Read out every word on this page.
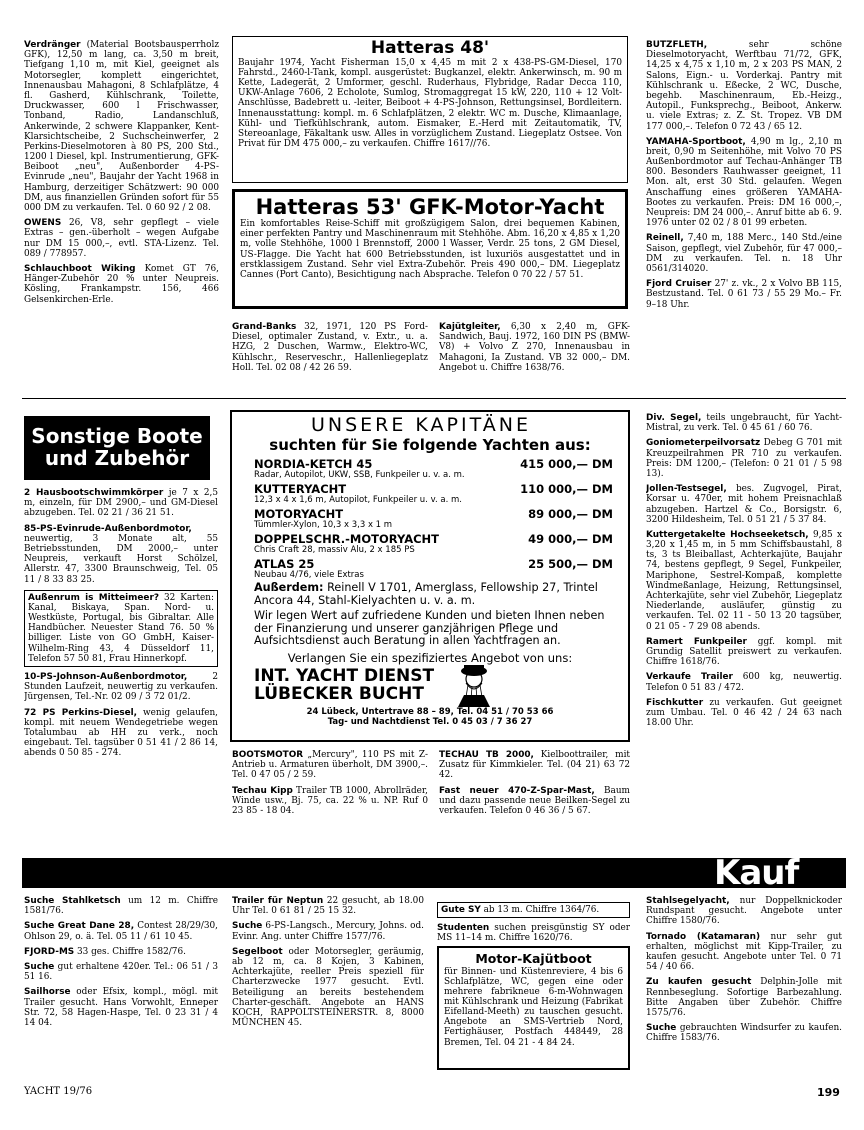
Verdränger (Material Bootsbausperrholz GFK), 12,50 m lang, ca. 3,50 m breit, Tiefgang 1,10 m, mit Kiel, geeignet als Motorsegler, komplett eingerichtet, Innenausbau Mahagoni, 8 Schlafplätze, 4 fl. Gasherd, Kühlschrank, Toilette, Druckwasser, 600 l Frischwasser, Tonband, Radio, Landanschluß, Ankerwinde, 2 schwere Klappanker, Kent-Klarsichtscheibe, 2 Suchscheinwerfer, 2 Perkins-Dieselmotoren à 80 PS, 200 Std., 1200 l Diesel, kpl. Instrumentierung, GFK-Beiboot „neu", Außenborder 4-PS-Evinrude „neu", Baujahr der Yacht 1968 in Hamburg, derzeitiger Schätzwert: 90 000 DM, aus finanziellen Gründen sofort für 55 000 DM zu verkaufen. Tel. 0 60 92 / 2 08.
OWENS 26, V8, sehr gepflegt – viele Extras – gen.-überholt – wegen Aufgabe nur DM 15 000,–, evtl. STA-Lizenz. Tel. 089 / 778957.
Schlauchboot Wiking Komet GT 76, Hänger-Zubehör 20 % unter Neupreis. Kösling, Frankampstr. 156, 466 Gelsenkirchen-Erle.
Hatteras 48'
Baujahr 1974, Yacht Fisherman 15,0 x 4,45 m mit 2 x 438-PS-GM-Diesel, 170 Fahrstd., 2460-l-Tank, kompl. ausgerüstet: Bugkanzel, elektr. Ankerwinsch, m. 90 m Kette, Ladegerät, 2 Umformer, geschl. Ruderhaus, Flybridge, Radar Decca 110, UKW-Anlage 7606, 2 Echolote, Sumlog, Stromaggregat 15 kW, 220, 110 + 12 Volt-Anschlüsse, Badebrett u. -leiter, Beiboot + 4-PS-Johnson, Rettungsinsel, Bordleitern. Innenausstattung: kompl. m. 6 Schlafplätzen, 2 elektr. WC m. Dusche, Klimaanlage, Kühl- und Tiefkühlschrank, autom. Eismaker, E.-Herd mit Zeitautomatik, TV, Stereoanlage, Fäkaltank usw. Alles in vorzüglichem Zustand. Liegeplatz Ostsee. Von Privat für DM 475 000,– zu verkaufen. Chiffre 1617//76.
Hatteras 53' GFK-Motor-Yacht
Ein komfortables Reise-Schiff mit großzügigem Salon, drei bequemen Kabinen, einer perfekten Pantry und Maschinenraum mit Stehhöhe. Abm. 16,20 x 4,85 x 1,20 m, volle Stehhöhe, 1000 l Brennstoff, 2000 l Wasser, Verdr. 25 tons, 2 GM Diesel, US-Flagge. Die Yacht hat 600 Betriebsstunden, ist luxuriös ausgestattet und in erstklassigem Zustand. Sehr viel Extra-Zubehör. Preis 490 000,– DM. Liegeplatz Cannes (Port Canto), Besichtigung nach Absprache. Telefon 0 70 22 / 57 51.
Grand-Banks 32, 1971, 120 PS Ford-Diesel, optimaler Zustand, v. Extr., u. a. HZG, 2 Duschen, Warmw., Elektro-WC, Kühlschr., Reserveschr., Hallenliegeplatz Holl. Tel. 02 08 / 42 26 59.
Kajütgleiter, 6,30 x 2,40 m, GFK-Sandwich, Bauj. 1972, 160 DIN PS (BMW-V8) + Volvo Z 270, Innenausbau in Mahagoni, Ia Zustand. VB 32 000,– DM. Angebot u. Chiffre 1638/76.
BÜTZFLETH, sehr schöne Dieselmotoryacht, Werftbau 71/72, GFK, 14,25 x 4,75 x 1,10 m, 2 x 203 PS MAN, 2 Salons, Eign.- u. Vorderkaj. Pantry mit Kühlschrank u. Eßecke, 2 WC, Dusche, begehb. Maschinenraum, Eb.-Heizg., Autopil., Funksprechg., Beiboot, Ankerw. u. viele Extras; z. Z. St. Tropez. VB DM 177 000,–. Telefon 0 72 43 / 65 12.
YAMAHA-Sportboot, 4,90 m lg., 2,10 m breit, 0,90 m Seitenhöhe, mit Volvo 70 PS Außenbordmotor auf Techau-Anhänger TB 800. Besonders Rauhwasser geeignet, 11 Mon. alt, erst 30 Std. gelaufen. Wegen Anschaffung eines größeren YAMAHA-Bootes zu verkaufen. Preis: DM 16 000,–, Neupreis: DM 24 000,–. Anruf bitte ab 6. 9. 1976 unter 02 02 / 8 01 99 erbeten.
Reinell, 7,40 m, 188 Merc., 140 Std./eine Saison, gepflegt, viel Zubehör, für 47 000,– DM zu verkaufen. Tel. n. 18 Uhr 0561/314020.
Fjord Cruiser 27' z. vk., 2 x Volvo BB 115, Bestzustand. Tel. 0 61 73 / 55 29 Mo.– Fr. 9–18 Uhr.
Sonstige Boote und Zubehör
2 Hausbootschwimmkörper je 7 x 2,5 m, einzeln, für DM 2900,– und GM-Diesel abzugeben. Tel. 02 21 / 36 21 51.
85-PS-Evinrude-Außenbordmotor, neuwertig, 3 Monate alt, 55 Betriebsstunden, DM 2000,– unter Neupreis, verkauft Horst Schölzel, Allerstr. 47, 3300 Braunschweig, Tel. 05 11 / 8 33 83 25.
Außenrum is Mitteimeer? 32 Karten: Kanal, Biskaya, Span. Nord- u. Westküste, Portugal, bis Gibraltar. Alle Handbücher. Neuester Stand 76. 50 % billiger. Liste von GO GmbH, Kaiser-Wilhelm-Ring 43, 4 Düsseldorf 11, Telefon 57 50 81, Frau Hinnerkopf.
10-PS-Johnson-Außenbordmotor, 2 Stunden Laufzeit, neuwertig zu verkaufen. Jürgensen, Tel.-Nr. 02 09 / 3 72 01/2.
72 PS Perkins-Diesel, wenig gelaufen, kompl. mit neuem Wendegetriebe wegen Totalumbau ab HH zu verk., noch eingebaut. Tel. tagsüber 0 51 41 / 2 86 14, abends 0 50 85 - 274.
UNSERE KAPITÄNE
suchten für Sie folgende Yachten aus:
NORDIA-KETCH 45	415 000,— DM
Radar, Autopilot, UKW, SSB, Funkpeiler u. v. a. m.
KUTTERYACHT	110 000,— DM
12,3 x 4 x 1,6 m, Autopilot, Funkpeiler u. v. a. m.
MOTORYACHT	89 000,— DM
Tümmler-Xylon, 10,3 x 3,3 x 1 m
DOPPELSCHR.-MOTORYACHT	49 000,— DM
Chris Craft 28, massiv Alu, 2 x 185 PS
ATLAS 25	25 500,— DM
Neubau 4/76, viele Extras
Außerdem: Reinell V 1701, Amerglass, Fellowship 27, Trintel Ancora 44, Stahl-Kielyachten u. v. a. m.
Wir legen Wert auf zufriedene Kunden und bieten Ihnen neben der Finanzierung und unserer ganzjährigen Pflege und Aufsichtsdienst auch Beratung in allen Yachtfragen an.
Verlangen Sie ein spezifiziertes Angebot von uns:
INT. YACHT DIENST
LÜBECKER BUCHT
24 Lübeck, Untertrave 88 – 89, Tel. 04 51 / 70 53 66
Tag- und Nachtdienst Tel. 0 45 03 / 7 36 27
BOOTSMOTOR „Mercury", 110 PS mit Z-Antrieb u. Armaturen überholt, DM 3900,–. Tel. 0 47 05 / 2 59.
Techau Kipp Trailer TB 1000, Abrollräder, Winde usw., Bj. 75, ca. 22 % u. NP. Ruf 0 23 85 - 18 04.
TECHAU TB 2000, Kielboottrailer, mit Zusatz für Kimmkieler. Tel. (04 21) 63 72 42.
Fast neuer 470-Z-Spar-Mast, Baum und dazu passende neue Beilken-Segel zu verkaufen. Telefon 0 46 36 / 5 67.
Div. Segel, teils ungebraucht, für Yacht-Mistral, zu verk. Tel. 0 45 61 / 60 76.
Goniometerpeilvorsatz Debeg G 701 mit Kreuzpeilrahmen PR 710 zu verkaufen. Preis: DM 1200,– (Telefon: 0 21 01 / 5 98 13).
Jollen-Testsegel, bes. Zugvogel, Pirat, Korsar u. 470er, mit hohem Preisnachlaß abzugeben. Hartzel & Co., Borsigstr. 6, 3200 Hildesheim, Tel. 0 51 21 / 5 37 84.
Kuttergetakelte Hochseeketsch, 9,85 x 3,20 x 1,45 m, in 5 mm Schiffsbaustahl, 8 ts, 3 ts Bleiballast, Achterkajüte, Baujahr 74, bestens gepflegt, 9 Segel, Funkpeiler, Mariphone, Sestrel-Kompaß, komplette Windmeßanlage, Heizung, Rettungsinsel, Achterkajüte, sehr viel Zubehör, Liegeplatz Niederlande, ausläufer, günstig zu verkaufen. Tel. 02 11 - 50 13 20 tagsüber, 0 21 05 - 7 29 08 abends.
Ramert Funkpeiler ggf. kompl. mit Grundig Satellit preiswert zu verkaufen. Chiffre 1618/76.
Verkaufe Trailer 600 kg, neuwertig. Telefon 0 51 83 / 472.
Fischkutter zu verkaufen. Gut geeignet zum Umbau. Tel. 0 46 42 / 24 63 nach 18.00 Uhr.
Kauf
Suche Stahlketsch um 12 m. Chiffre 1581/76.
Suche Great Dane 28, Contest 28/29/30, Ohlson 29, o. ä. Tel. 05 11 / 61 10 45.
FJORD-MS 33 ges. Chiffre 1582/76.
Suche gut erhaltene 420er. Tel.: 06 51 / 3 51 16.
Sailhorse oder Efsix, kompl., mögl. mit Trailer gesucht. Hans Vorwohlt, Enneper Str. 72, 58 Hagen-Haspe, Tel. 0 23 31 / 4 14 04.
Trailer für Neptun 22 gesucht, ab 18.00 Uhr Tel. 0 61 81 / 25 15 32.
Suche 6-PS-Langsch., Mercury, Johns. od. Evinr. Ang. unter Chiffre 1577/76.
Segelboot oder Motorsegler, geräumig, ab 12 m, ca. 8 Kojen, 3 Kabinen, Achterkajüte, reeller Preis speziell für Charterzwecke 1977 gesucht. Evtl. Beteiligung an bereits bestehendem Charter-geschäft. Angebote an HANS KOCH, RAPPOLTSTEINERSTR. 8, 8000 MÜNCHEN 45.
Gute SY ab 13 m. Chiffre 1364/76.
Studenten suchen preisgünstig SY oder MS 11–14 m. Chiffre 1620/76.
Motor-Kajütboot
für Binnen- und Küstenreviere, 4 bis 6 Schlafplätze, WC, gegen eine oder mehrere fabrikneue 6-m-Wohnwagen mit Kühlschrank und Heizung (Fabrikat Eifelland-Meeth) zu tauschen gesucht. Angebote an SMS-Vertrieb Nord, Fertighäuser, Postfach 448449, 28 Bremen, Tel. 04 21 - 4 84 24.
Stahlsegelyacht, nur Doppelknickoder Rundspant gesucht. Angebote unter Chiffre 1580/76.
Tornado (Katamaran) nur sehr gut erhalten, möglichst mit Kipp-Trailer, zu kaufen gesucht. Angebote unter Tel. 0 71 54 / 40 66.
Zu kaufen gesucht Delphin-Jolle mit Rennbeseglung. Sofortige Barbezahlung. Bitte Angaben über Zubehör. Chiffre 1575/76.
Suche gebrauchten Windsurfer zu kaufen. Chiffre 1583/76.
YACHT 19/76	199
